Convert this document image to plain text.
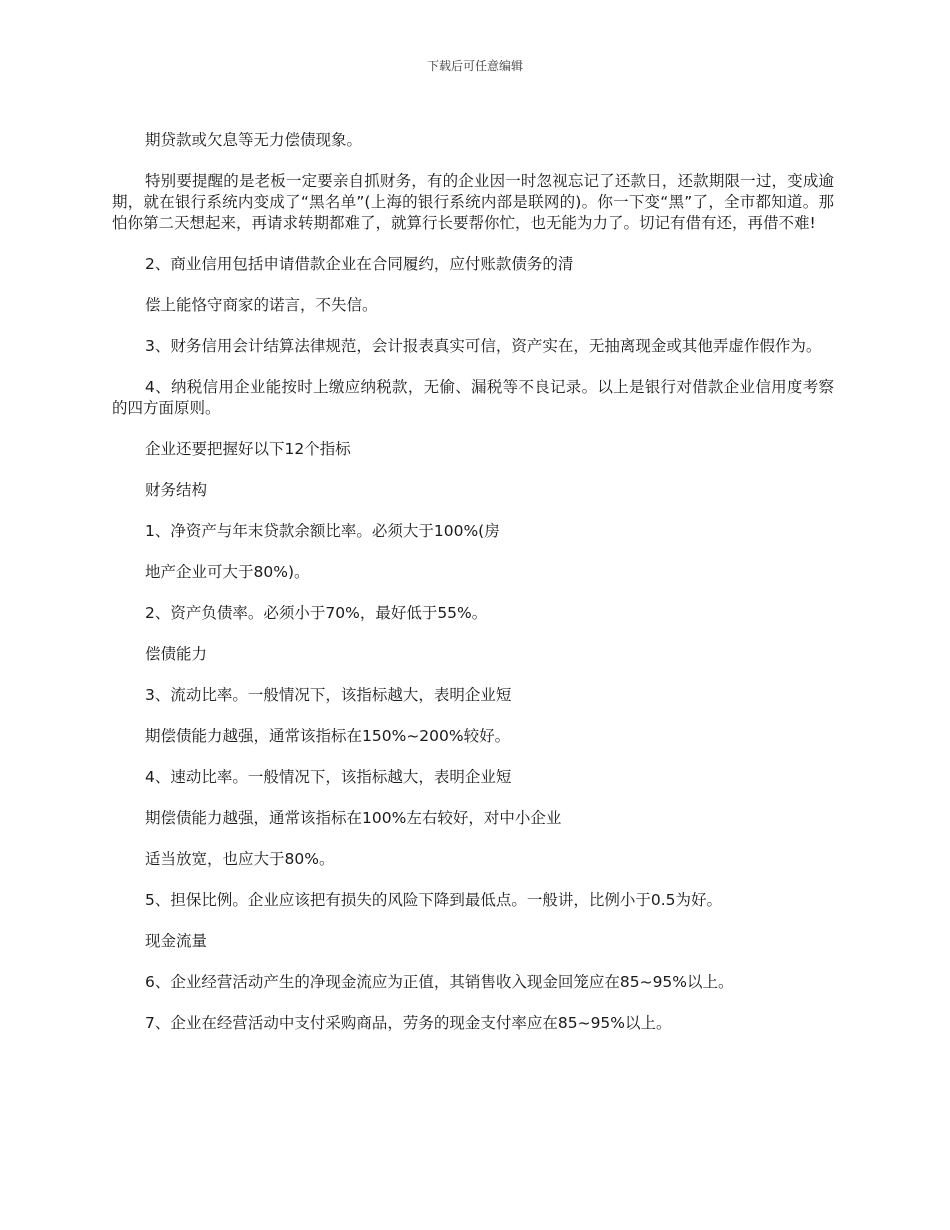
下载后可任意编辑

期贷款或欠息等无力偿债现象。

特别要提醒的是老板一定要亲自抓财务，有的企业因一时忽视忘记了还款日，还款期限一过，变成逾期，就在银行系统内变成了“黑名单”(上海的银行系统内部是联网的)。你一下变“黑”了，全市都知道。那怕你第二天想起来，再请求转期都难了，就算行长要帮你忙，也无能为力了。切记有借有还，再借不难!

2、商业信用包括申请借款企业在合同履约，应付账款债务的清

偿上能恪守商家的诺言，不失信。

3、财务信用会计结算法律规范，会计报表真实可信，资产实在，无抽离现金或其他弄虚作假作为。

4、纳税信用企业能按时上缴应纳税款，无偷、漏税等不良记录。以上是银行对借款企业信用度考察的四方面原则。

企业还要把握好以下12个指标

财务结构

1、净资产与年末贷款余额比率。必须大于100%(房

地产企业可大于80%)。

2、资产负债率。必须小于70%，最好低于55%。

偿债能力

3、流动比率。一般情况下，该指标越大，表明企业短

期偿债能力越强，通常该指标在150%~200%较好。

4、速动比率。一般情况下，该指标越大，表明企业短

期偿债能力越强，通常该指标在100%左右较好，对中小企业

适当放宽，也应大于80%。

5、担保比例。企业应该把有损失的风险下降到最低点。一般讲，比例小于0.5为好。

现金流量

6、企业经营活动产生的净现金流应为正值，其销售收入现金回笼应在85~95%以上。

7、企业在经营活动中支付采购商品，劳务的现金支付率应在85~95%以上。
